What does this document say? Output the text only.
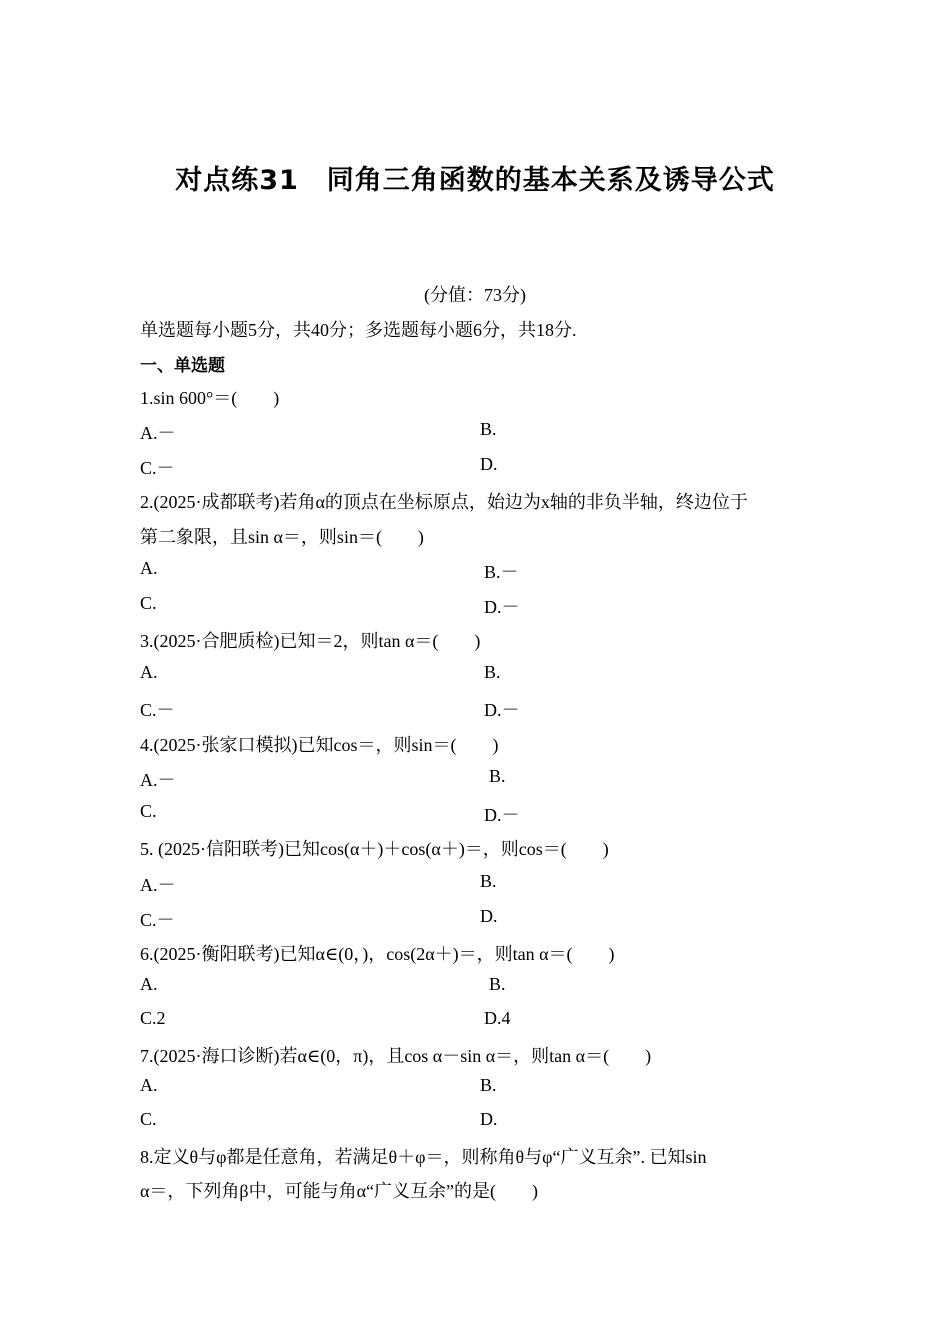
对点练31　同角三角函数的基本关系及诱导公式
(分值：73分)
单选题每小题5分，共40分；多选题每小题6分，共18分.
一、单选题
1.sin 600°＝(　　)
A.－	B.
C.－	D.
2.(2025·成都联考)若角α的顶点在坐标原点，始边为x轴的非负半轴，终边位于
第二象限，且sin α＝，则sin＝(　　)
A.	B.－
C.	D.－
3.(2025·合肥质检)已知＝2，则tan α＝(　　)
A.	B.
C.－	D.－
4.(2025·张家口模拟)已知cos＝，则sin＝(　　)
A.－	B.
C.	D.－
5. (2025·信阳联考)已知cos(α＋)＋cos(α＋)＝，则cos＝(　　)
A.－	B.
C.－	D.
6.(2025·衡阳联考)已知α∈(0，)，cos(2α＋)＝，则tan α＝(　　)
A.	B.
C.2	D.4
7.(2025·海口诊断)若α∈(0，π)，且cos α－sin α＝，则tan α＝(　　)
A.	B.
C.	D.
8.定义θ与φ都是任意角，若满足θ＋φ＝，则称角θ与φ“广义互余”. 已知sin
α＝，下列角β中，可能与角α“广义互余”的是(　　)
